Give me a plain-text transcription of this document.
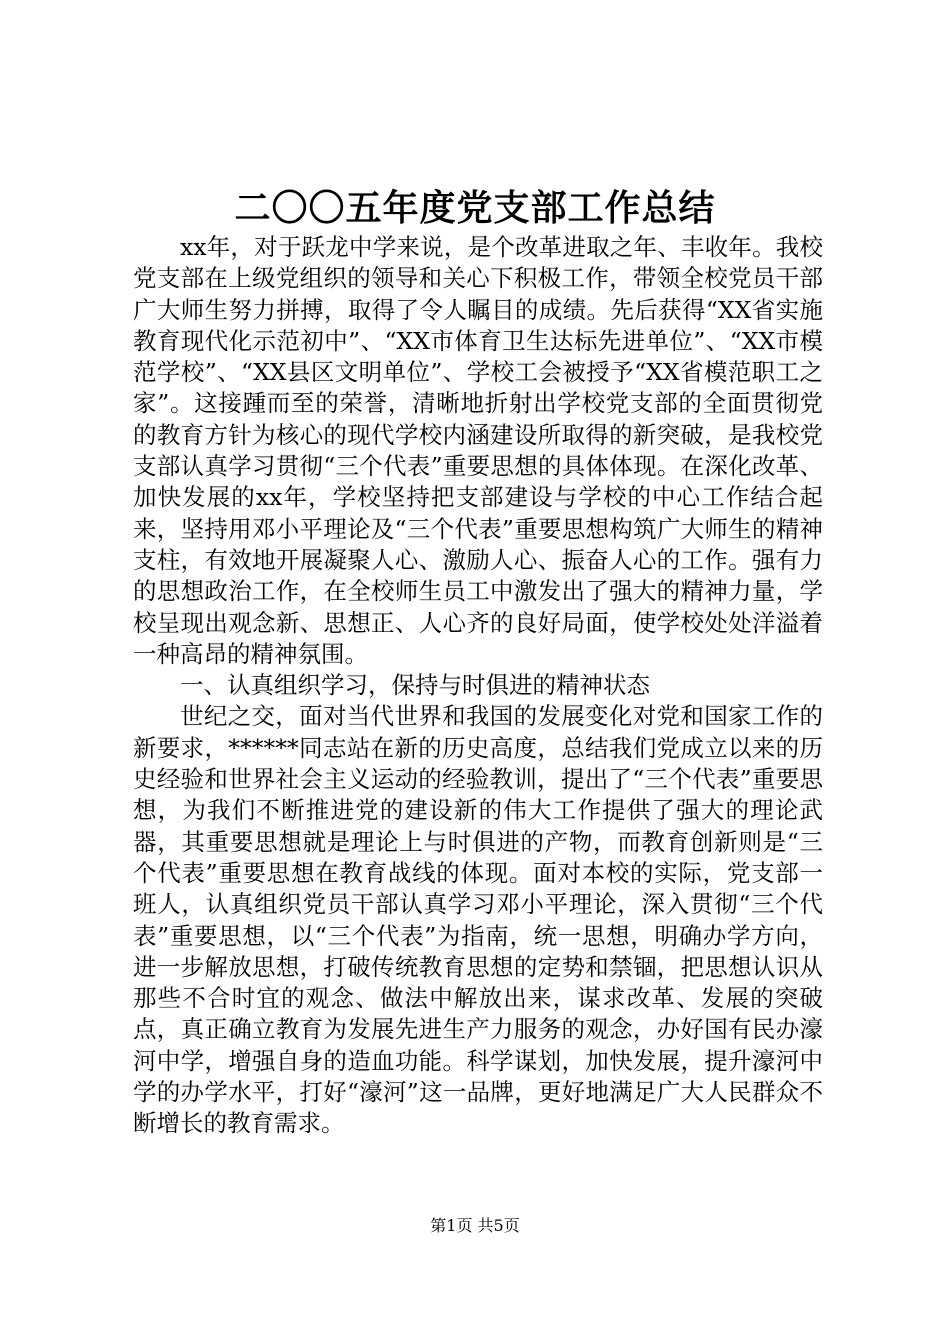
二〇〇五年度党支部工作总结

xx年，对于跃龙中学来说，是个改革进取之年、丰收年。我校党支部在上级党组织的领导和关心下积极工作，带领全校党员干部广大师生努力拼搏，取得了令人瞩目的成绩。先后获得“XX省实施教育现代化示范初中”、“XX市体育卫生达标先进单位”、“XX市模范学校”、“XX县区文明单位”、学校工会被授予“XX省模范职工之家”。这接踵而至的荣誉，清晰地折射出学校党支部的全面贯彻党的教育方针为核心的现代学校内涵建设所取得的新突破，是我校党支部认真学习贯彻“三个代表”重要思想的具体体现。在深化改革、加快发展的xx年，学校坚持把支部建设与学校的中心工作结合起来，坚持用邓小平理论及“三个代表”重要思想构筑广大师生的精神支柱，有效地开展凝聚人心、激励人心、振奋人心的工作。强有力的思想政治工作，在全校师生员工中激发出了强大的精神力量，学校呈现出观念新、思想正、人心齐的良好局面，使学校处处洋溢着一种高昂的精神氛围。

一、认真组织学习，保持与时俱进的精神状态

世纪之交，面对当代世界和我国的发展变化对党和国家工作的新要求，******同志站在新的历史高度，总结我们党成立以来的历史经验和世界社会主义运动的经验教训，提出了“三个代表”重要思想，为我们不断推进党的建设新的伟大工作提供了强大的理论武器，其重要思想就是理论上与时俱进的产物，而教育创新则是“三个代表”重要思想在教育战线的体现。面对本校的实际，党支部一班人，认真组织党员干部认真学习邓小平理论，深入贯彻“三个代表”重要思想，以“三个代表”为指南，统一思想，明确办学方向，进一步解放思想，打破传统教育思想的定势和禁锢，把思想认识从那些不合时宜的观念、做法中解放出来，谋求改革、发展的突破点，真正确立教育为发展先进生产力服务的观念，办好国有民办濠河中学，增强自身的造血功能。科学谋划，加快发展，提升濠河中学的办学水平，打好“濠河”这一品牌，更好地满足广大人民群众不断增长的教育需求。

第1页 共5页
